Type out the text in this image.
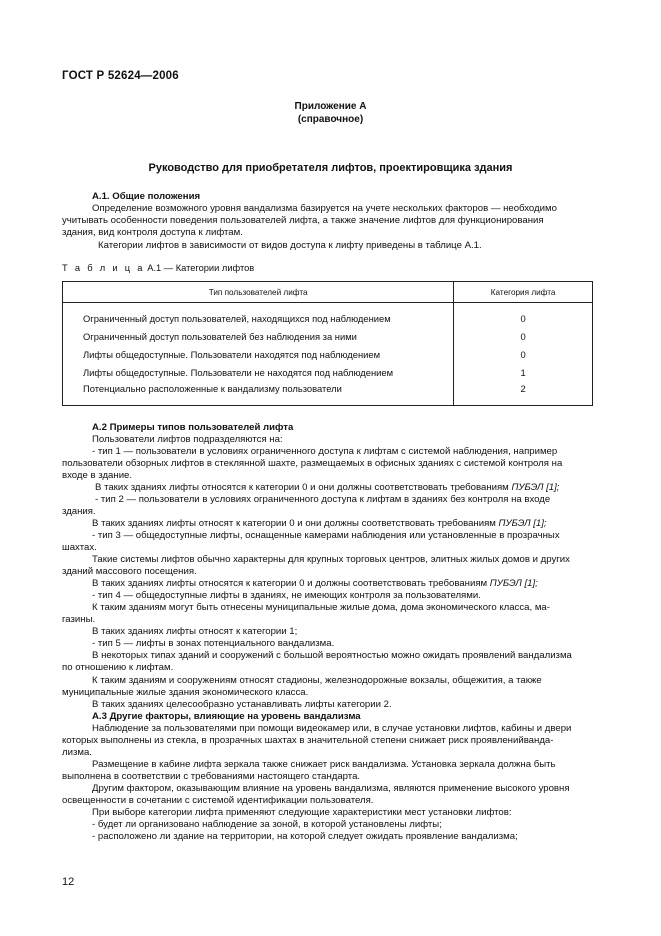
ГОСТ Р 52624—2006
Приложение А
(справочное)
Руководство для приобретателя лифтов, проектировщика здания
А.1. Общие положения
Определение возможного уровня вандализма базируется на учете нескольких факторов — необходимо
учитывать особенности поведения пользователей лифта, а также значение лифтов для функционирования
здания, вид контроля доступа к лифтам.
Категории лифтов в зависимости от видов доступа к лифту приведены в таблице А.1.
Т а б л и ц а А.1 — Категории лифтов
Тип пользователей лифта	Категория лифта

Ограниченный доступ пользователей, находящихся под наблюдением	0
Ограниченный доступ пользователей без наблюдения за ними	0
Лифты общедоступные. Пользователи находятся под наблюдением	0
Лифты общедоступные. Пользователи не находятся под наблюдением	1
Потенциально расположенные к вандализму пользователи	2
А.2 Примеры типов пользователей лифта
Пользователи лифтов подразделяются на:
- тип 1 — пользователи в условиях ограниченного доступа к лифтам с системой наблюдения, например
пользователи обзорных лифтов в стеклянной шахте, размещаемых в офисных зданиях с системой контроля на
входе в здание.
В таких зданиях лифты относятся к категории 0 и они должны соответствовать требованиям ПУБЭЛ [1];
- тип 2 — пользователи в условиях ограниченного доступа к лифтам в зданиях без контроля на входе
здания.
В таких зданиях лифты относят к категории 0 и они должны соответствовать требованиям ПУБЭЛ [1];
- тип 3 — общедоступные лифты, оснащенные камерами наблюдения или установленные в прозрачных
шахтах.
Такие системы лифтов обычно характерны для крупных торговых центров, элитных жилых домов и других
зданий массового посещения.
В таких зданиях лифты относятся к категории 0 и должны соответствовать требованиям ПУБЭЛ [1];
- тип 4 — общедоступные лифты в зданиях, не имеющих контроля за пользователями.
К таким зданиям могут быть отнесены муниципальные жилые дома, дома экономического класса, ма-
газины.
В таких зданиях лифты относят к категории 1;
- тип 5 — лифты в зонах потенциального вандализма.
В некоторых типах зданий и сооружений с большой вероятностью можно ожидать проявлений вандализма
по отношению к лифтам.
К таким зданиям и сооружениям относят стадионы, железнодорожные вокзалы, общежития, а также
муниципальные жилые здания экономического класса.
В таких зданиях целесообразно устанавливать лифты категории 2.
А.3 Другие факторы, влияющие на уровень вандализма
Наблюдение за пользователями при помощи видеокамер или, в случае установки лифтов, кабины и двери
которых выполнены из стекла, в прозрачных шахтах в значительной степени снижает риск проявленийванда-
лизма.
Размещение в кабине лифта зеркала также снижает риск вандализма. Установка зеркала должна быть
выполнена в соответствии с требованиями настоящего стандарта.
Другим фактором, оказывающим влияние на уровень вандализма, являются применение высокого уровня
освещенности в сочетании с системой идентификации пользователя.
При выборе категории лифта применяют следующие характеристики мест установки лифтов:
- будет ли организовано наблюдение за зоной, в которой установлены лифты;
- расположено ли здание на территории, на которой следует ожидать проявление вандализма;
12
